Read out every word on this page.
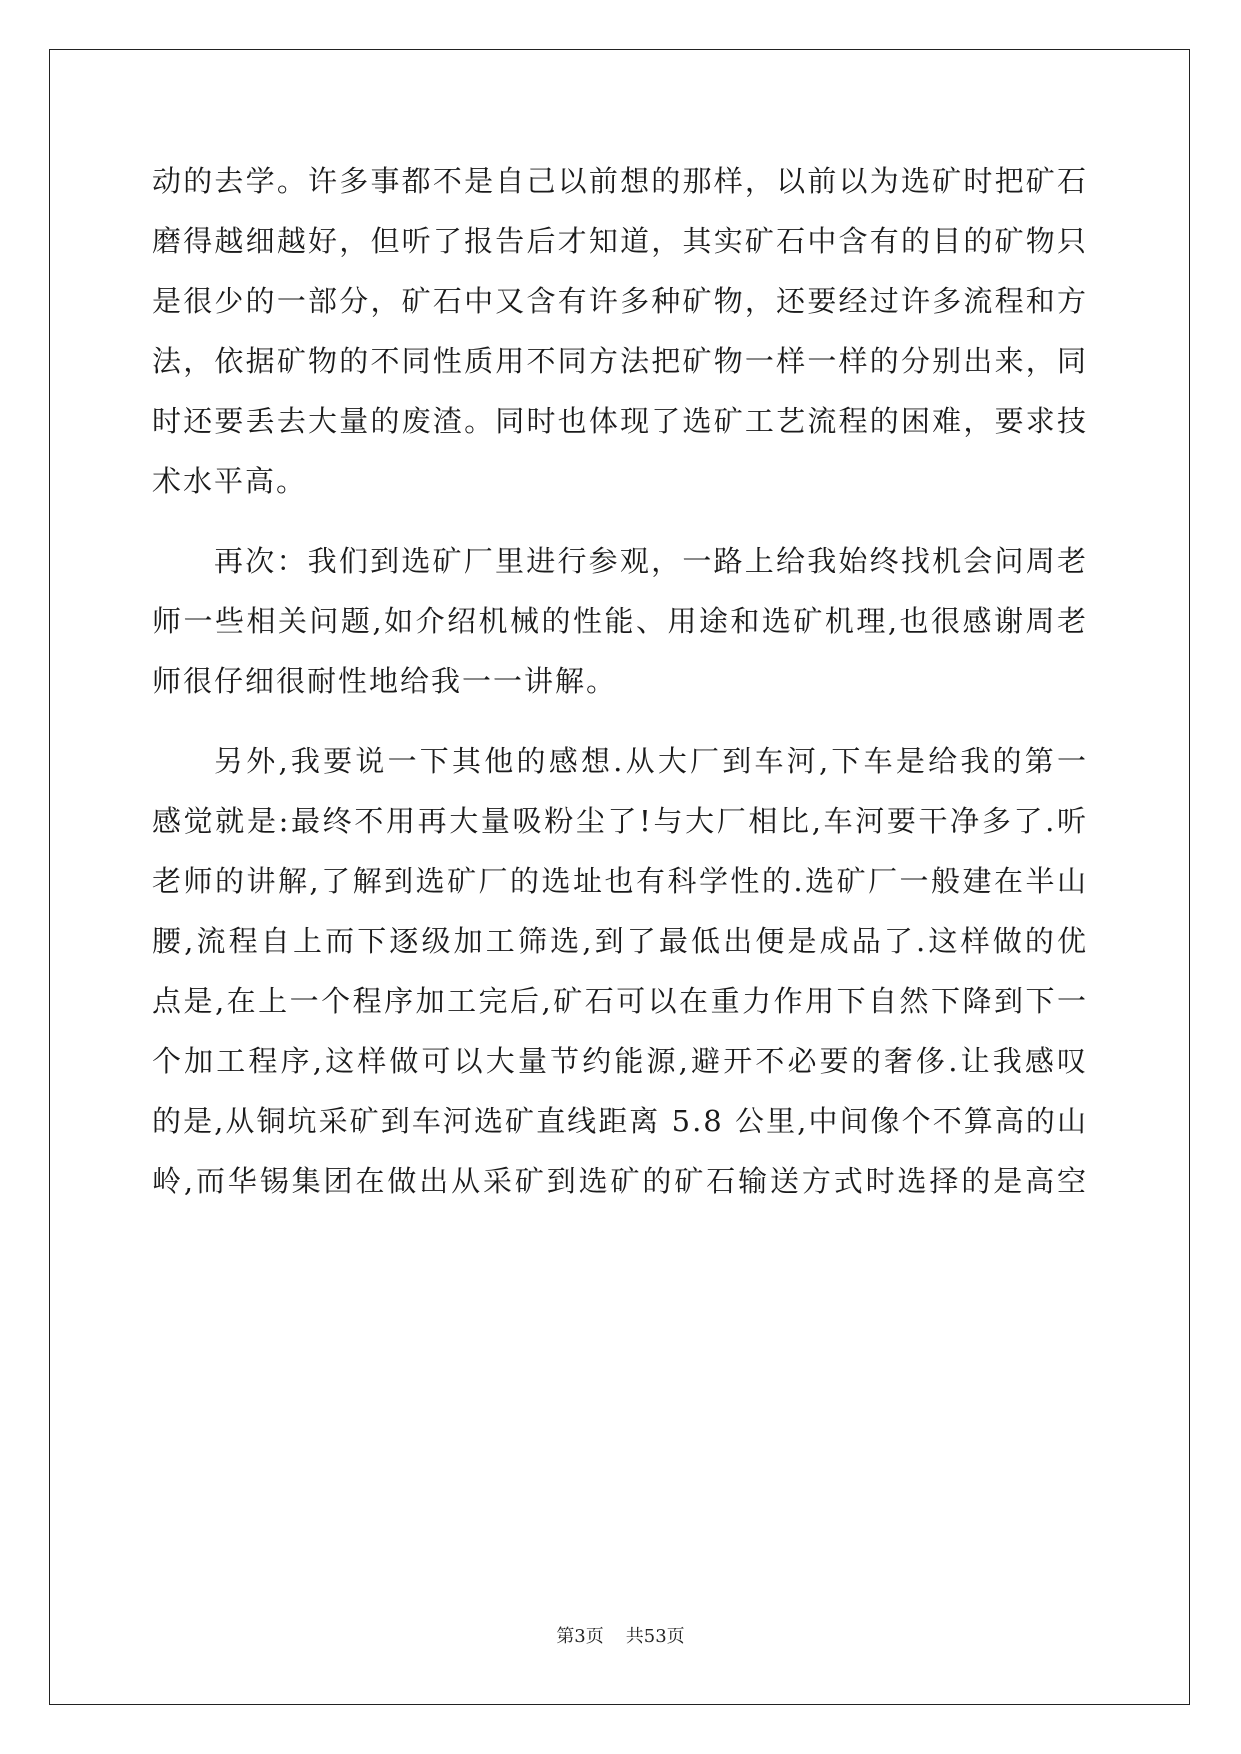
动的去学。许多事都不是自己以前想的那样，以前以为选矿时把矿石
磨得越细越好，但听了报告后才知道，其实矿石中含有的目的矿物只
是很少的一部分，矿石中又含有许多种矿物，还要经过许多流程和方
法，依据矿物的不同性质用不同方法把矿物一样一样的分别出来，同
时还要丢去大量的废渣。同时也体现了选矿工艺流程的困难，要求技
术水平高。

再次：我们到选矿厂里进行参观，一路上给我始终找机会问周老
师一些相关问题,如介绍机械的性能、用途和选矿机理,也很感谢周老
师很仔细很耐性地给我一一讲解。

另外,我要说一下其他的感想.从大厂到车河,下车是给我的第一
感觉就是:最终不用再大量吸粉尘了!与大厂相比,车河要干净多了.听
老师的讲解,了解到选矿厂的选址也有科学性的.选矿厂一般建在半山
腰,流程自上而下逐级加工筛选,到了最低出便是成品了.这样做的优
点是,在上一个程序加工完后,矿石可以在重力作用下自然下降到下一
个加工程序,这样做可以大量节约能源,避开不必要的奢侈.让我感叹
的是,从铜坑采矿到车河选矿直线距离 5.8 公里,中间像个不算高的山
岭,而华锡集团在做出从采矿到选矿的矿石输送方式时选择的是高空

第3页 共53页
